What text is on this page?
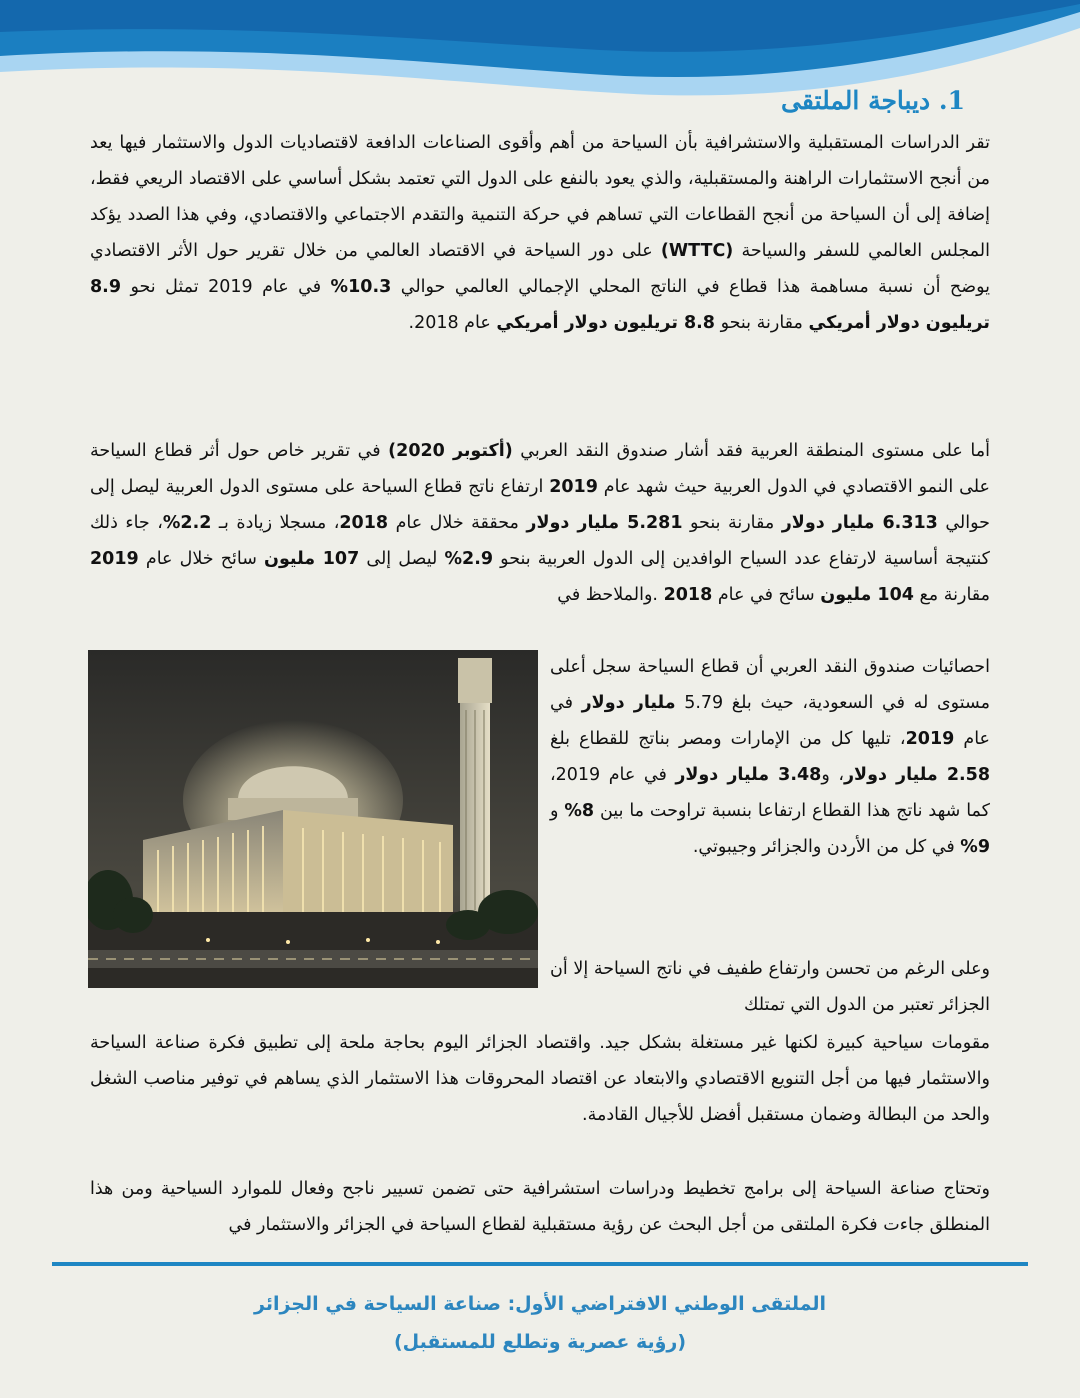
1. ديباجة الملتقى

تقر الدراسات المستقبلية والاستشرافية بأن السياحة من أهم وأقوى الصناعات الدافعة لاقتصاديات الدول والاستثمار فيها يعد من أنجح الاستثمارات الراهنة والمستقبلية، والذي يعود بالنفع على الدول التي تعتمد بشكل أساسي على الاقتصاد الريعي فقط، إضافة إلى أن السياحة من أنجح القطاعات التي تساهم في حركة التنمية والتقدم الاجتماعي والاقتصادي، وفي هذا الصدد يؤكد المجلس العالمي للسفر والسياحة (WTTC) على دور السياحة في الاقتصاد العالمي من خلال تقرير حول الأثر الاقتصادي يوضح أن نسبة مساهمة هذا قطاع في الناتج المحلي الإجمالي العالمي حوالي 10.3% في عام 2019 تمثل نحو 8.9 تريليون دولار أمريكي مقارنة بنحو 8.8 تريليون دولار أمريكي عام 2018.

أما على مستوى المنطقة العربية فقد أشار صندوق النقد العربي (أكتوبر 2020) في تقرير خاص حول أثر قطاع السياحة على النمو الاقتصادي في الدول العربية حيث شهد عام 2019 ارتفاع ناتج قطاع السياحة على مستوى الدول العربية ليصل إلى حوالي 6.313 مليار دولار مقارنة بنحو 5.281 مليار دولار محققة خلال عام 2018، مسجلا زيادة بـ 2.2%، جاء ذلك كنتيجة أساسية لارتفاع عدد السياح الوافدين إلى الدول العربية بنحو 2.9% ليصل إلى 107 مليون سائح خلال عام 2019 مقارنة مع 104 مليون سائح في عام 2018 .والملاحظ في

احصائيات صندوق النقد العربي أن قطاع السياحة سجل أعلى مستوى له في السعودية، حيث بلغ 5.79 مليار دولار في عام 2019، تليها كل من الإمارات ومصر بناتج للقطاع بلغ 2.58 مليار دولار، و3.48 مليار دولار في عام 2019، كما شهد ناتج هذا القطاع ارتفاعا بنسبة تراوحت ما بين 8% و 9% في كل من الأردن والجزائر وجيبوتي.

وعلى الرغم من تحسن وارتفاع طفيف في ناتج السياحة إلا أن الجزائر تعتبر من الدول التي تمتلك

مقومات سياحية كبيرة لكنها غير مستغلة بشكل جيد. واقتصاد الجزائر اليوم بحاجة ملحة إلى تطبيق فكرة صناعة السياحة والاستثمار فيها من أجل التنويع الاقتصادي والابتعاد عن اقتصاد المحروقات هذا الاستثمار الذي يساهم في توفير مناصب الشغل والحد من البطالة وضمان مستقبل أفضل للأجيال القادمة.

وتحتاج صناعة السياحة إلى برامج تخطيط ودراسات استشرافية حتى تضمن تسيير ناجح وفعال للموارد السياحية ومن هذا المنطلق جاءت فكرة الملتقى من أجل البحث عن رؤية مستقبلية لقطاع السياحة في الجزائر والاستثمار في

الملتقى الوطني الافتراضي الأول: صناعة السياحة في الجزائر

(رؤية عصرية وتطلع للمستقبل)
